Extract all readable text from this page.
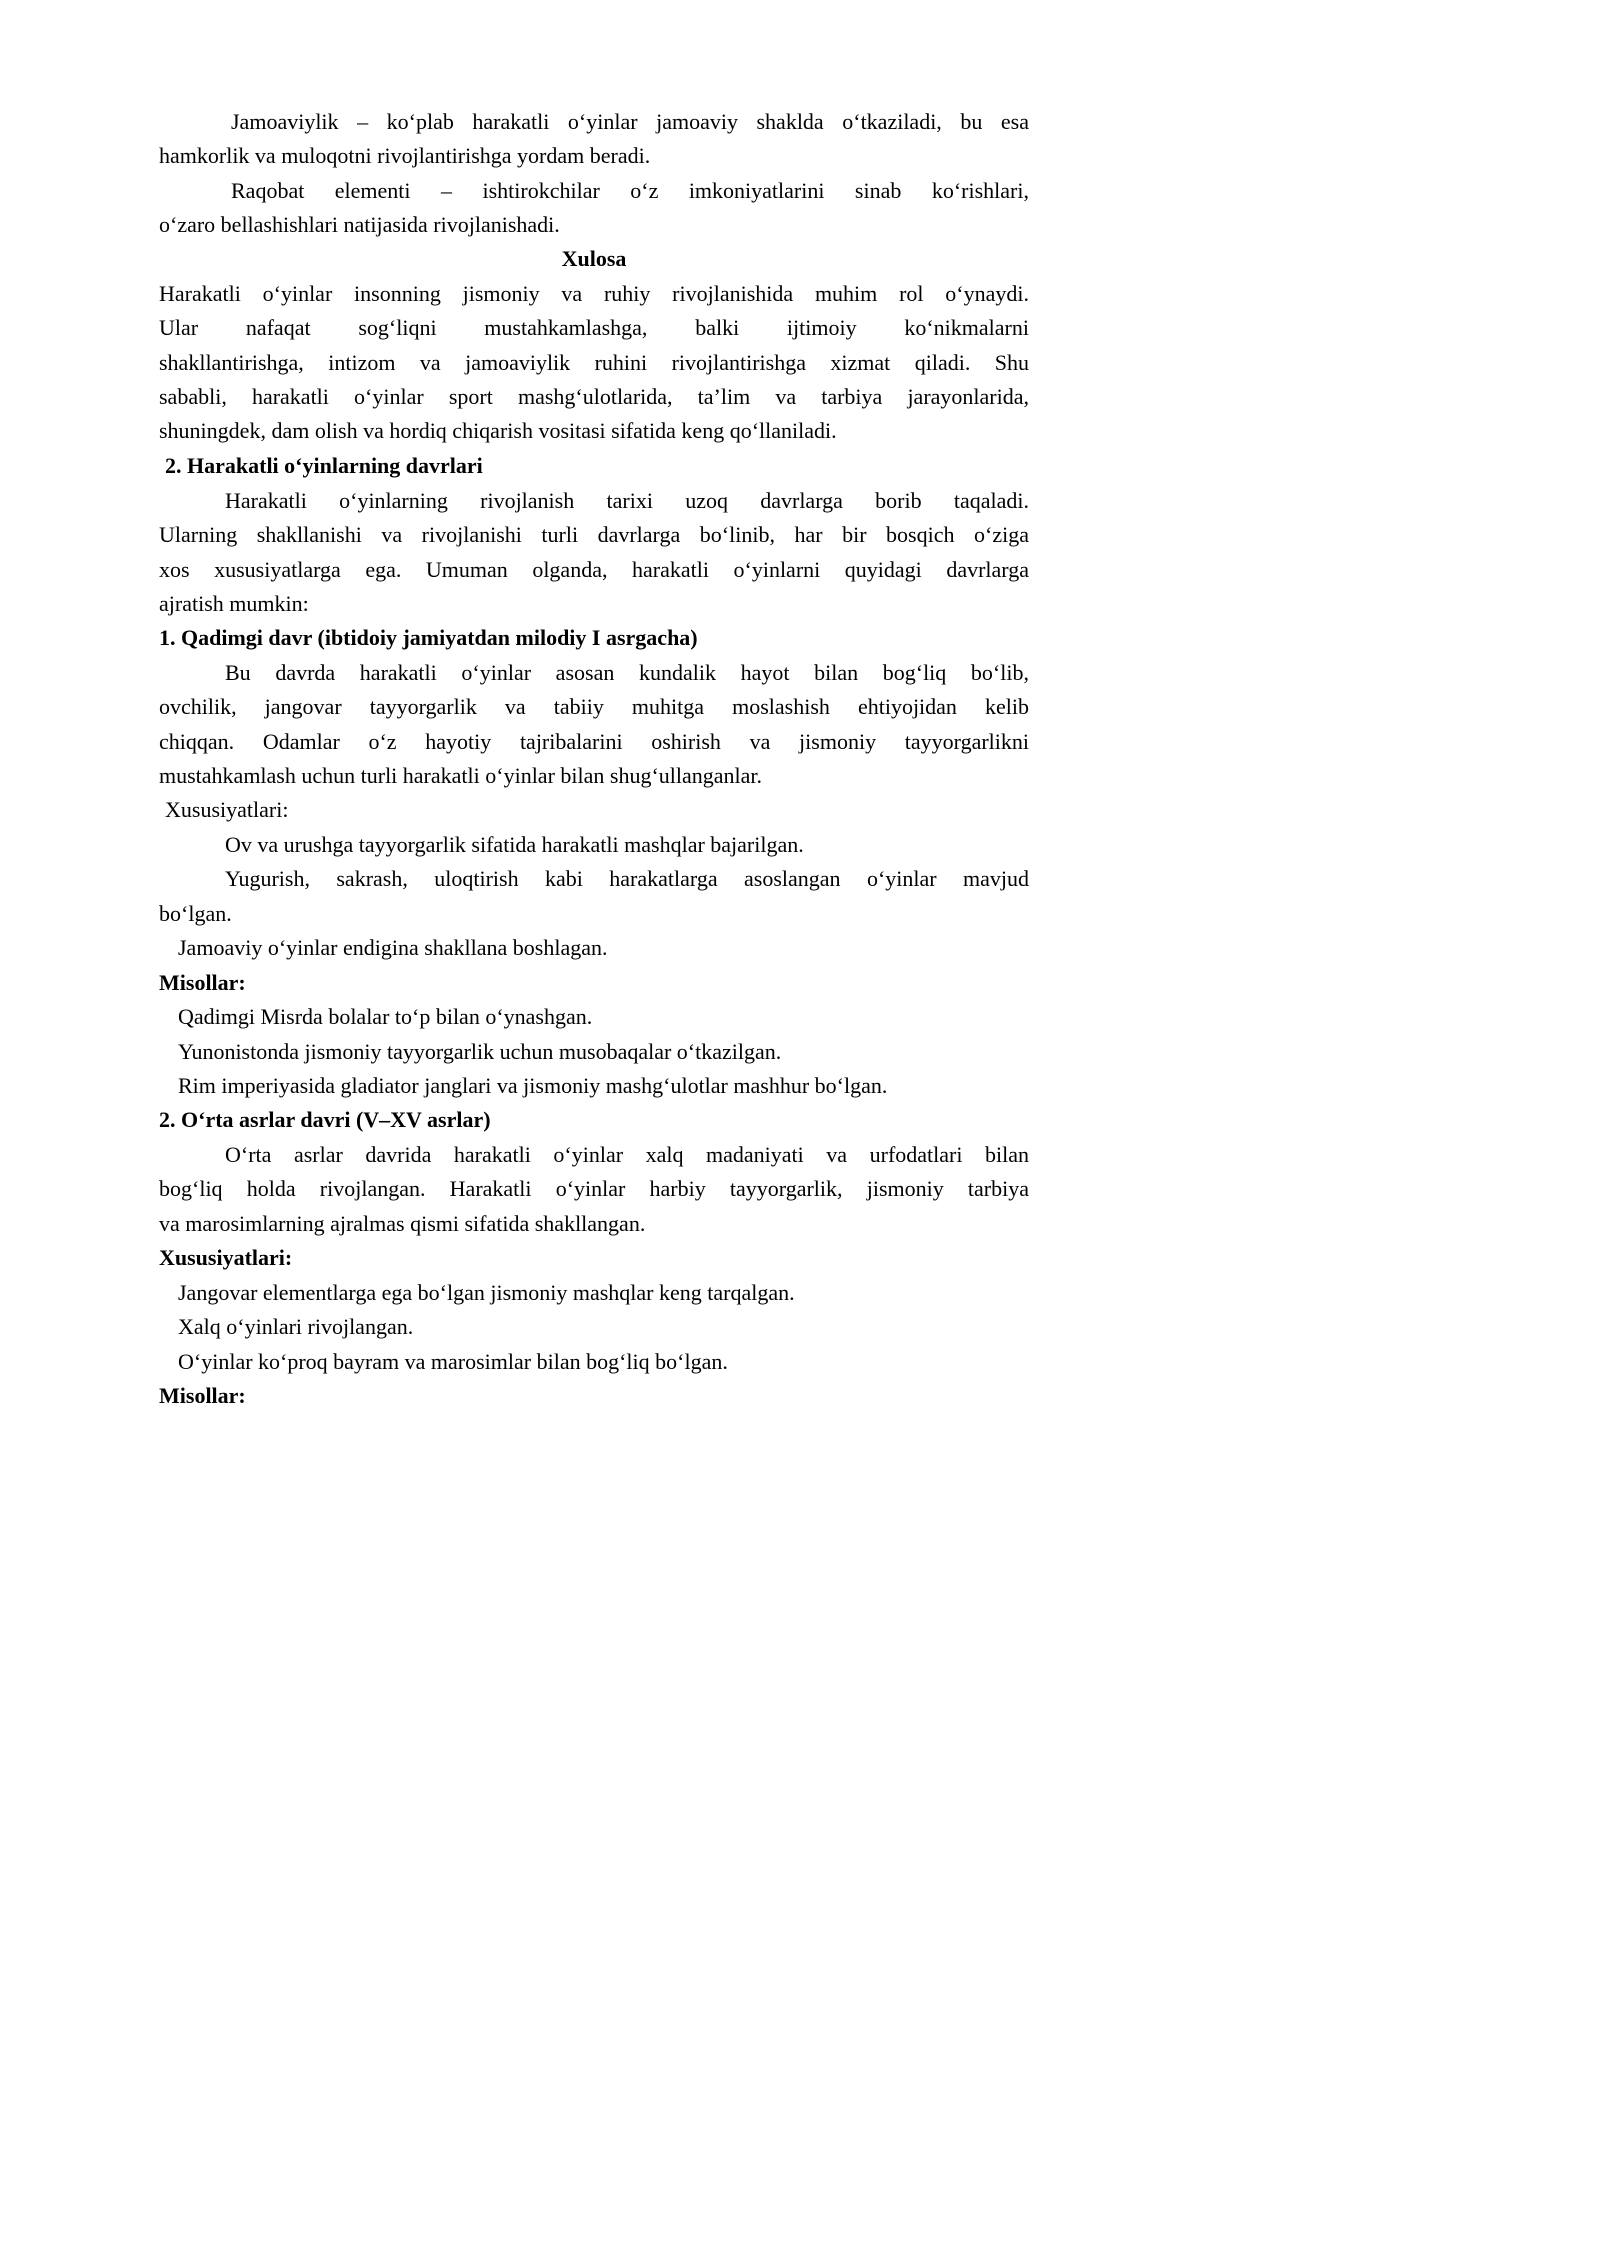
Jamoaviylik – ko‘plab harakatli o‘yinlar jamoaviy shaklda o‘tkaziladi, bu esa

hamkorlik va muloqotni rivojlantirishga yordam beradi.

Raqobat elementi – ishtirokchilar o‘z imkoniyatlarini sinab ko‘rishlari,

o‘zaro bellashishlari natijasida rivojlanishadi.

Xulosa

Harakatli o‘yinlar insonning jismoniy va ruhiy rivojlanishida muhim rol o‘ynaydi.

Ular nafaqat sog‘liqni mustahkamlashga, balki ijtimoiy ko‘nikmalarni

shakllantirishga, intizom va jamoaviylik ruhini rivojlantirishga xizmat qiladi. Shu

sababli, harakatli o‘yinlar sport mashg‘ulotlarida, ta’lim va tarbiya jarayonlarida,

shuningdek, dam olish va hordiq chiqarish vositasi sifatida keng qo‘llaniladi.

2. Harakatli o‘yinlarning davrlari

Harakatli o‘yinlarning rivojlanish tarixi uzoq davrlarga borib taqaladi.

Ularning shakllanishi va rivojlanishi turli davrlarga bo‘linib, har bir bosqich o‘ziga

xos xususiyatlarga ega. Umuman olganda, harakatli o‘yinlarni quyidagi davrlarga

ajratish mumkin:

1. Qadimgi davr (ibtidoiy jamiyatdan milodiy I asrgacha)

Bu davrda harakatli o‘yinlar asosan kundalik hayot bilan bog‘liq bo‘lib,

ovchilik, jangovar tayyorgarlik va tabiiy muhitga moslashish ehtiyojidan kelib

chiqqan. Odamlar o‘z hayotiy tajribalarini oshirish va jismoniy tayyorgarlikni

mustahkamlash uchun turli harakatli o‘yinlar bilan shug‘ullanganlar.

Xususiyatlari:

Ov va urushga tayyorgarlik sifatida harakatli mashqlar bajarilgan.

Yugurish, sakrash, uloqtirish kabi harakatlarga asoslangan o‘yinlar mavjud

bo‘lgan.

Jamoaviy o‘yinlar endigina shakllana boshlagan.

Misollar:

Qadimgi Misrda bolalar to‘p bilan o‘ynashgan.

Yunonistonda jismoniy tayyorgarlik uchun musobaqalar o‘tkazilgan.

Rim imperiyasida gladiator janglari va jismoniy mashg‘ulotlar mashhur bo‘lgan.

2. O‘rta asrlar davri (V–XV asrlar)

O‘rta asrlar davrida harakatli o‘yinlar xalq madaniyati va urfodatlari bilan

bog‘liq holda rivojlangan. Harakatli o‘yinlar harbiy tayyorgarlik, jismoniy tarbiya

va marosimlarning ajralmas qismi sifatida shakllangan.

Xususiyatlari:

Jangovar elementlarga ega bo‘lgan jismoniy mashqlar keng tarqalgan.

Xalq o‘yinlari rivojlangan.

O‘yinlar ko‘proq bayram va marosimlar bilan bog‘liq bo‘lgan.

Misollar:
